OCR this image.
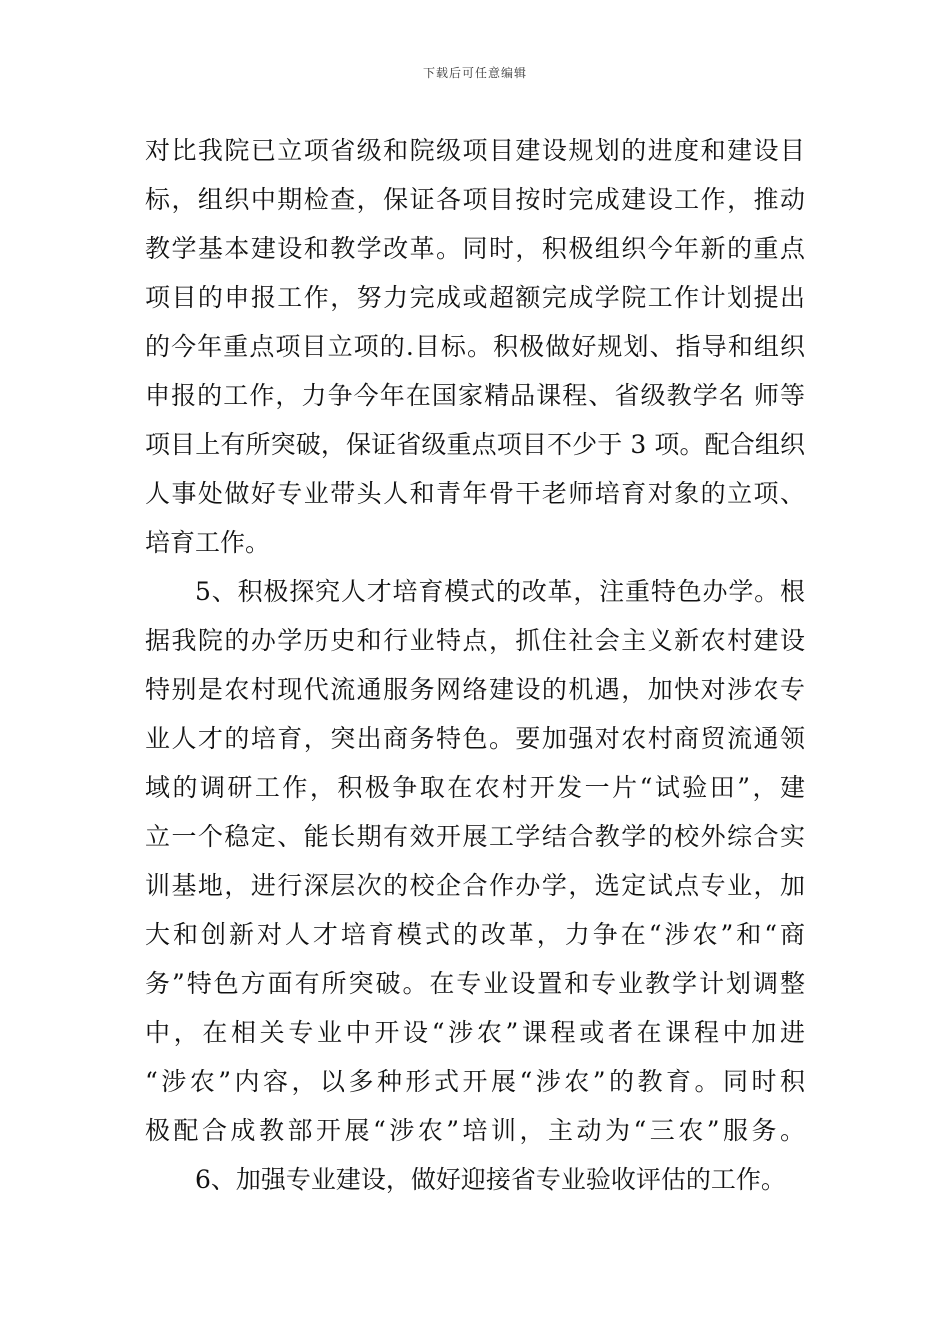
下载后可任意编辑
对比我院已立项省级和院级项目建设规划的进度和建设目
标，组织中期检查，保证各项目按时完成建设工作，推动
教学基本建设和教学改革。同时，积极组织今年新的重点
项目的申报工作，努力完成或超额完成学院工作计划提出
的今年重点项目立项的.目标。积极做好规划、指导和组织
申报的工作，力争今年在国家精品课程、省级教学名 师等
项目上有所突破，保证省级重点项目不少于 3 项。配合组织
人事处做好专业带头人和青年骨干老师培育对象的立项、
培育工作。
5、积极探究人才培育模式的改革，注重特色办学。根
据我院的办学历史和行业特点，抓住社会主义新农村建设
特别是农村现代流通服务网络建设的机遇，加快对涉农专
业人才的培育，突出商务特色。要加强对农村商贸流通领
域的调研工作，积极争取在农村开发一片“试验田”，建
立一个稳定、能长期有效开展工学结合教学的校外综合实
训基地，进行深层次的校企合作办学，选定试点专业，加
大和创新对人才培育模式的改革，力争在“涉农”和“商
务”特色方面有所突破。在专业设置和专业教学计划调整
中，在相关专业中开设“涉农”课程或者在课程中加进
“涉农”内容，以多种形式开展“涉农”的教育。同时积
极配合成教部开展“涉农”培训，主动为“三农”服务。
6、加强专业建设，做好迎接省专业验收评估的工作。
